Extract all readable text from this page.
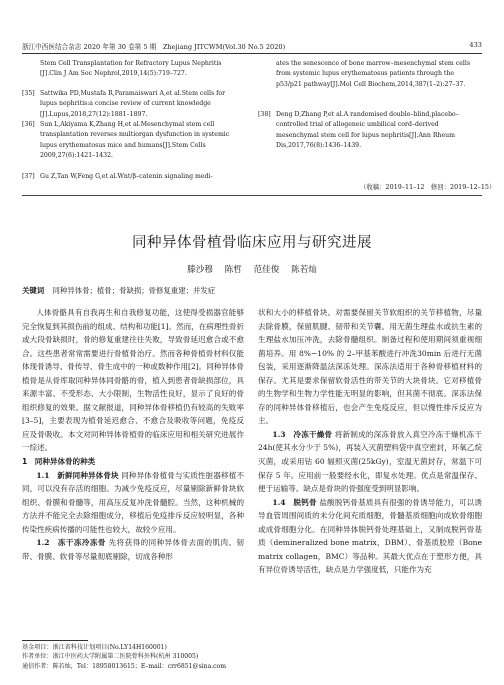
浙江中西医结合杂志 2020 年第 30 卷第 5 期　Zhejiang JITCWM(Vol.30 No.5 2020)	433
Stem Cell Transplantation for Refractory Lupus Nephritis [J].Clin J Am Soc Nephrol,2019,14(5):719–727.
[35] Sattwika PD,Mustafa R,Paramaiswari A,et al.Stem cells for lupus nephritis:a concise review of current knowledge [J].Lupus,2018,27(12):1881–1897.
[36] Sun L,Akiyama K,Zhang H,et al.Mesenchymal stem cell transplantation reverses multiorgan dysfunction in systemic lupus erythematosus mice and humans[J].Stem Cells 2009,27(6):1421–1432.
[37] Gu Z,Tan W,Feng G,et al.Wnt/β–catenin signaling medi-
ates the senescence of bone marrow–mesenchymal stem cells from systemic lupus erythematosus patients through the p53/p21 pathway[J].Mol Cell Biochem,2014,387(1–2):27–37.
[38] Deng D,Zhang P,et al.A randomised double–blind,placebo–controlled trial of allogeneic umbilical cord–derived mesenchymal stem cell for lupus nephritis[J].Ann Rheum Dis,2017,76(8):1436–1439.
（收稿：2019–11–12　修回：2019–12–15）
同种异体骨植骨临床应用与研究进展
滕沙穆 陈哲 范佳俊 陈若灿
关键词 同种异体骨；植骨；骨缺损；骨修复重建；并发症

人体骨骼具有自我再生和自我修复功能，这使得受损器官能够完全恢复到其损伤前的组成、结构和功能[1]。然而，在病理性骨折或大段骨缺损时，骨的修复重建往往失败，导致骨延迟愈合或不愈合。这些患者常常需要进行骨植骨治疗。然而各种骨植骨材料仅能体现骨诱导、骨传导、骨生成中的一种或数种作用[2]。同种异体骨植骨是从骨库取同种异体同骨骼的骨，植入到患者骨缺损部位，具来源丰富、不受形态、大小限制，生物活性良好，显示了良好的骨组织修复的效果。据文献报道，同种异体骨移植仍有较高的失败率[3–5]，主要表现为植骨延迟愈合、不愈合及吸收等问题，免疫反应及骨吸收。本文对同种异体骨植骨的临床应用和相关研究进展作一综述。

1　同种异体骨的种类

1.1　新鲜同种异体骨块 同种异体骨植骨与实质性脏器移植不同，可以没有存活的细胞。为减少免疫反应，尽量剔除新鲜骨块软组织、骨膜和骨髓等，用高压反复冲洗骨髓腔。当然，这种机械的方法并不能完全去除细胞成分，移植后免疫排斥反应较明显，各种传染性疾病传播的可能性也较大，故较少应用。

1.2　冻干冻冷冻骨 先将获得的同种异体骨去面的肌肉、韧带、骨膜、软骨等尽量彻底剔除，切成各种形

状和大小的移植骨块。对需要保留关节软组织的关节移植物，尽量去除骨膜，保留肌腱、韧带和关节囊。用无菌生理盐水或抗生素的生理盐水加压冲洗，去除骨髓组织。制备过程和使用期间须重视细菌培养。用 8%~10% 的 2–甲基苯酸进行冲洗30min 后进行无菌包装，采用逐渐降温法深冻处理。深冻法适用于各种骨移植材料的保存。尤其是要求保留软骨活性的带关节的大块骨块。它对移植骨的生物学和生物力学性能无明显的影响，但其菌不彻底。深冻法保存的同种异体骨移植后，也会产生免疫反应，但以慢性排斥反应为主。

1.3　冷冻干燥骨 将新制成的深冻骨放入真空冷冻干燥机冻干 24h(使其水分少于 5%)，再装入灭菌塑料袋中真空密封，环氧乙烷灭菌，或采用钴 60 辐照灭菌(25kGy)，室温无菌封存，常温下可保存 5 年。应用前一般要经水化，即复水处理。优点是常温保存、便于运输等。缺点是骨块的骨强度受到明显影响。

1.4　脱钙骨 盐酸脱钙骨基质具有很强的骨诱导能力，可以诱导血管周围间质的未分化间充质细胞，骨髓基质细胞向成软骨细胞或成骨细胞分化。在同种异体脱钙骨处理基础上，又制成脱钙骨基质（demineralized bone matrix，DBM）、骨基质胶原（Bone matrix collagen，BMC）等品种。其最大优点在于塑形方便，具有异位骨诱导活性，缺点是力学强度低，只能作为充

基金项目：浙江省科技计划项目(No.LY14H160001)
作者单位：浙江中医药大学附属第二医院骨科外科(杭州 310005)
通信作者：陈若灿，Tel：18958013615；E–mail：crr6851@sina.com
